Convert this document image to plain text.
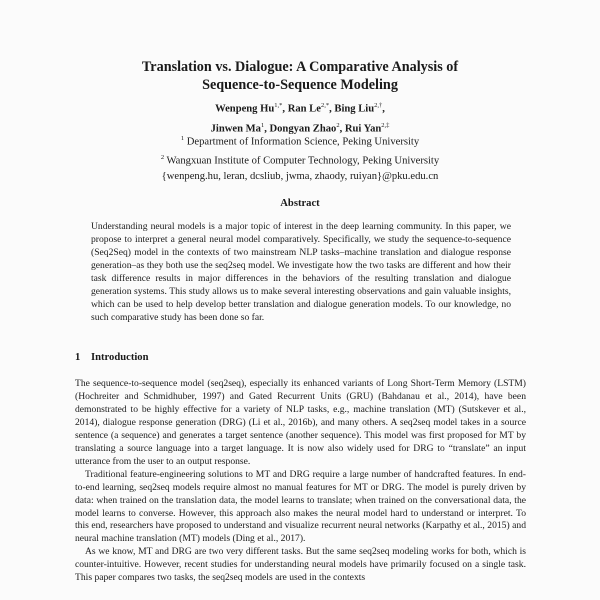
Translation vs. Dialogue: A Comparative Analysis of
Sequence-to-Sequence Modeling
Wenpeng $Hu^{1,*}$, Ran $Le^{2,*}$, Bing Liu$^{2,\dagger}$,
Jinwen Ma$^1$, Dongyan Zhao$^2$, Rui Yan$^{2,\ddagger}$
$^1$ Department of Information Science, Peking University
$^2$ Wangxuan Institute of Computer Technology, Peking University
{wenpeng.hu, leran, dcsliub, jwma, zhaody, ruiyan}@pku.edu.cn
Abstract
Understanding neural models is a major topic of interest in the deep learning community. In this paper, we propose to interpret a general neural model comparatively. Specifically, we study the sequence-to-sequence (Seq2Seq) model in the contexts of two mainstream NLP tasks–machine translation and dialogue response generation–as they both use the seq2seq model. We investigate how the two tasks are different and how their task difference results in major differences in the behaviors of the resulting translation and dialogue generation systems. This study allows us to make several interesting observations and gain valuable insights, which can be used to help develop better translation and dialogue generation models. To our knowledge, no such comparative study has been done so far.
1 Introduction

The sequence-to-sequence model (seq2seq), especially its enhanced variants of Long Short-Term Memory (LSTM) (Hochreiter and Schmidhuber, 1997) and Gated Recurrent Units (GRU) (Bahdanau et al., 2014), have been demonstrated to be highly effective for a variety of NLP tasks, e.g., machine translation (MT) (Sutskever et al., 2014), dialogue response generation (DRG) (Li et al., 2016b), and many others. A seq2seq model takes in a source sentence (a sequence) and generates a target sentence (another sequence). This model was first proposed for MT by translating a source language into a target language. It is now also widely used for DRG to “translate” an input utterance from the user to an output response.

Traditional feature-engineering solutions to MT and DRG require a large number of handcrafted features. In end-to-end learning, seq2seq models require almost no manual features for MT or DRG. The model is purely driven by data: when trained on the translation data, the model learns to translate; when trained on the conversational data, the model learns to converse. However, this approach also makes the neural model hard to understand or interpret. To this end, researchers have proposed to understand and visualize recurrent neural networks (Karpathy et al., 2015) and neural machine translation (MT) models (Ding et al., 2017).

As we know, MT and DRG are two very different tasks. But the same seq2seq modeling works for both, which is counter-intuitive. However, recent studies for understanding neural models have primarily focused on a single task. This paper compares two tasks, the seq2seq models are used in the contexts
